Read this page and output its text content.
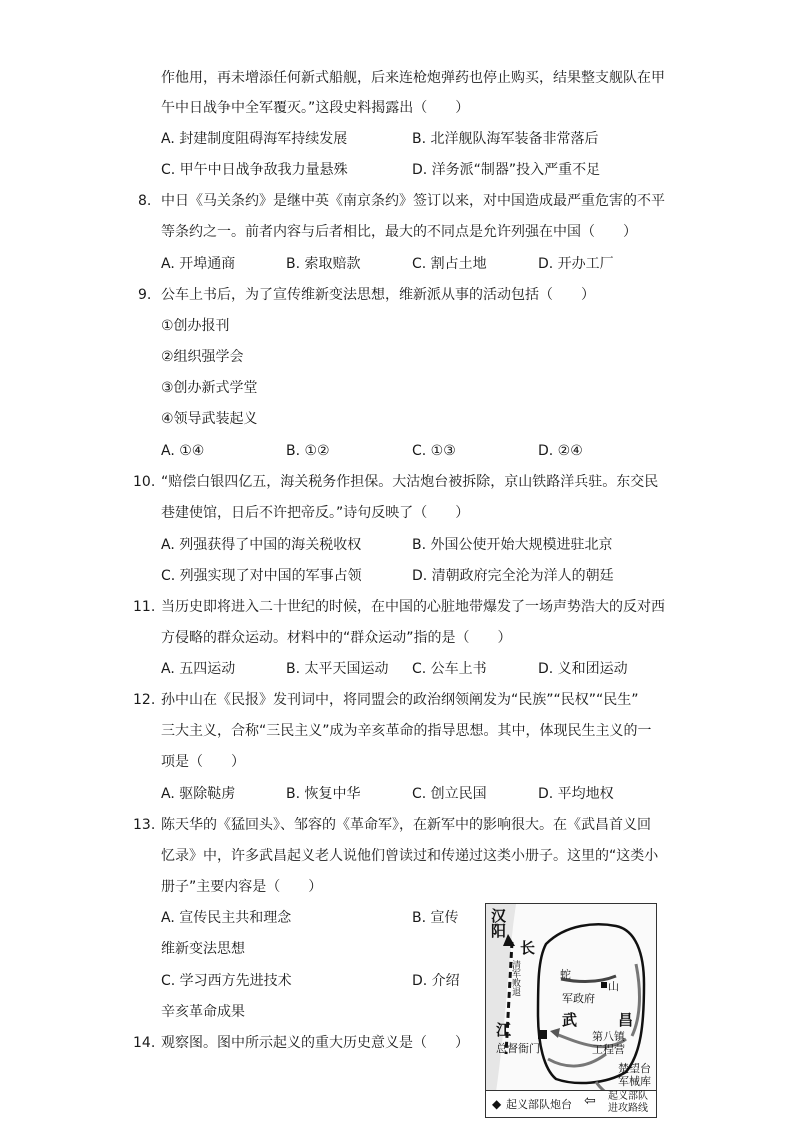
作他用，再未增添任何新式船舰，后来连枪炮弹药也停止购买，结果整支舰队在甲
午中日战争中全军覆灭。”这段史料揭露出（　　）
A. 封建制度阻碍海军持续发展	B. 北洋舰队海军装备非常落后
C. 甲午中日战争敌我力量悬殊	D. 洋务派“制器”投入严重不足
8. 中日《马关条约》是继中英《南京条约》签订以来，对中国造成最严重危害的不平
等条约之一。前者内容与后者相比，最大的不同点是允许列强在中国（　　）
A. 开埠通商	B. 索取赔款	C. 割占土地	D. 开办工厂
9. 公车上书后，为了宣传维新变法思想，维新派从事的活动包括（　　）
①创办报刊
②组织强学会
③创办新式学堂
④领导武装起义
A. ①④	B. ①②	C. ①③	D. ②④
10. “赔偿白银四亿五，海关税务作担保。大沽炮台被拆除，京山铁路洋兵驻。东交民
巷建使馆，日后不许把帝反。”诗句反映了（　　）
A. 列强获得了中国的海关税收权	B. 外国公使开始大规模进驻北京
C. 列强实现了对中国的军事占领	D. 清朝政府完全沦为洋人的朝廷
11. 当历史即将进入二十世纪的时候，在中国的心脏地带爆发了一场声势浩大的反对西
方侵略的群众运动。材料中的“群众运动”指的是（　　）
A. 五四运动	B. 太平天国运动 C. 公车上书	D. 义和团运动
12. 孙中山在《民报》发刊词中，将同盟会的政治纲领阐发为“民族”“民权”“民生”
三大主义，合称“三民主义”成为辛亥革命的指导思想。其中，体现民生主义的一
项是（　　）
A. 驱除鞑虏	B. 恢复中华	C. 创立民国	D. 平均地权
13. 陈天华的《猛回头》、邹容的《革命军》，在新军中的影响很大。在《武昌首义回
忆录》中，许多武昌起义老人说他们曾读过和传递过这类小册子。这里的“这类小
册子”主要内容是（　　）
A. 宣传民主共和理念	B. 宣传
维新变法思想
C. 学习西方先进技术	D. 介绍
辛亥革命成果
14. 观察图。图中所示起义的重大历史意义是（　　）
汉阳
长
清军败退
江
蛇
山
军政府
武	昌
总督衙门
第八镇
工程营
楚望台
军械库
◆ 起义部队炮台 ⇦ 起义部队
进攻路线
